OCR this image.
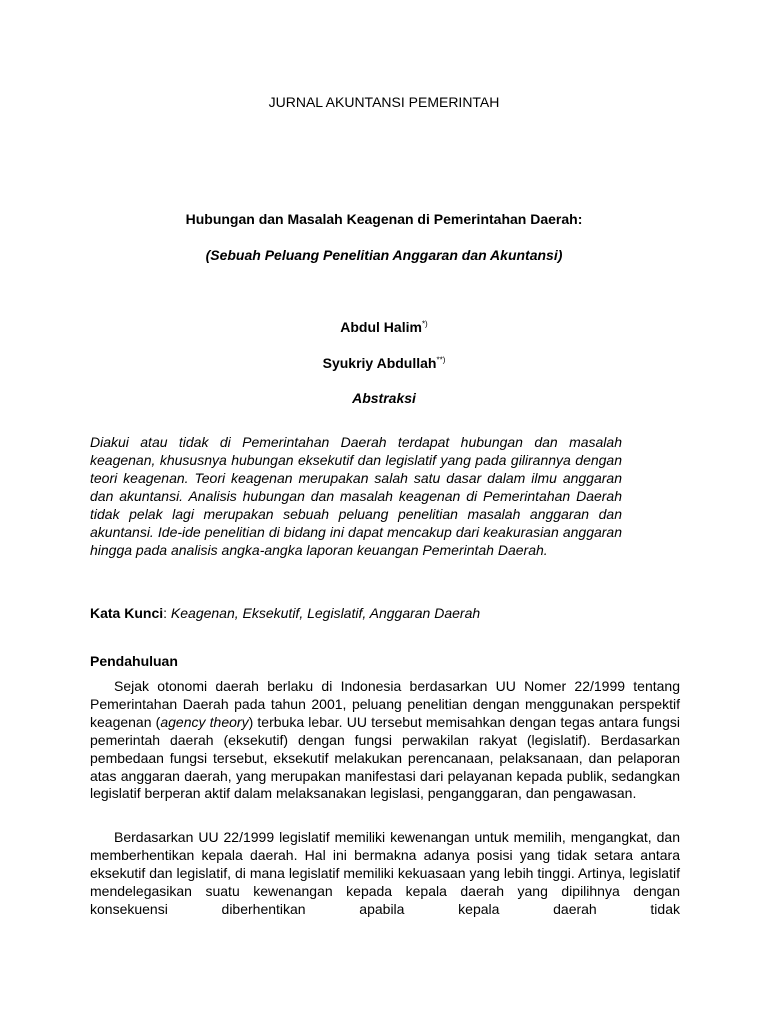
JURNAL AKUNTANSI PEMERINTAH
Hubungan dan Masalah Keagenan di Pemerintahan Daerah:
(Sebuah Peluang Penelitian Anggaran dan Akuntansi)
Abdul Halim*)
Syukriy Abdullah**)
Abstraksi

Diakui atau tidak di Pemerintahan Daerah terdapat hubungan dan masalah keagenan, khususnya hubungan eksekutif dan legislatif yang pada gilirannya dengan teori keagenan. Teori keagenan merupakan salah satu dasar dalam ilmu anggaran dan akuntansi. Analisis hubungan dan masalah keagenan di Pemerintahan Daerah tidak pelak lagi merupakan sebuah peluang penelitian masalah anggaran dan akuntansi. Ide-ide penelitian di bidang ini dapat mencakup dari keakurasian anggaran hingga pada analisis angka-angka laporan keuangan Pemerintah Daerah.

Kata Kunci: Keagenan, Eksekutif, Legislatif, Anggaran Daerah

Pendahuluan

Sejak otonomi daerah berlaku di Indonesia berdasarkan UU Nomer 22/1999 tentang Pemerintahan Daerah pada tahun 2001, peluang penelitian dengan menggunakan perspektif keagenan (agency theory) terbuka lebar. UU tersebut memisahkan dengan tegas antara fungsi pemerintah daerah (eksekutif) dengan fungsi perwakilan rakyat (legislatif). Berdasarkan pembedaan fungsi tersebut, eksekutif melakukan perencanaan, pelaksanaan, dan pelaporan atas anggaran daerah, yang merupakan manifestasi dari pelayanan kepada publik, sedangkan legislatif berperan aktif dalam melaksanakan legislasi, penganggaran, dan pengawasan.

Berdasarkan UU 22/1999 legislatif memiliki kewenangan untuk memilih, mengangkat, dan memberhentikan kepala daerah. Hal ini bermakna adanya posisi yang tidak setara antara eksekutif dan legislatif, di mana legislatif memiliki kekuasaan yang lebih tinggi. Artinya, legislatif mendelegasikan suatu kewenangan kepada kepala daerah yang dipilihnya dengan konsekuensi diberhentikan apabila kepala daerah tidak
